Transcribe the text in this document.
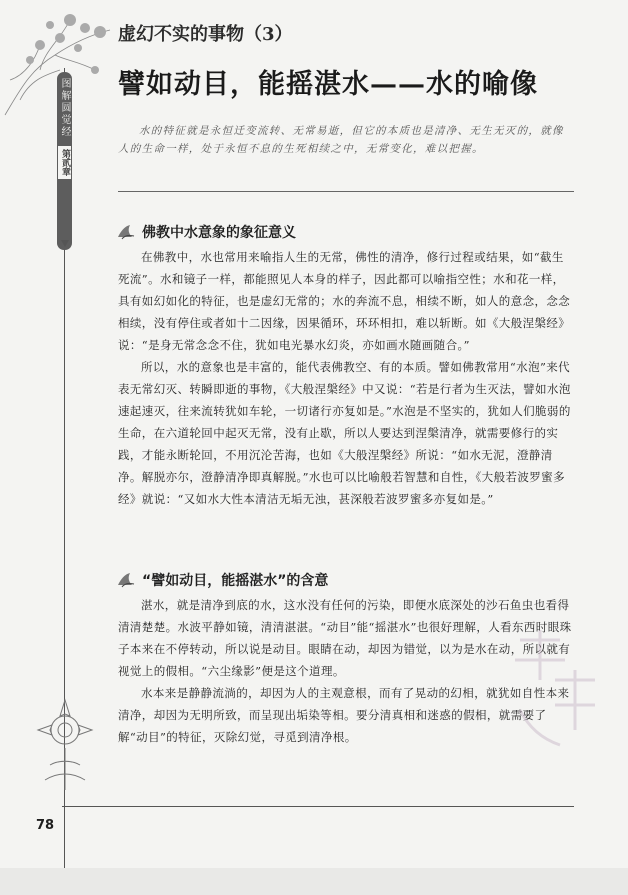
图解圆觉经
第贰章
虚幻不实的事物（3）
譬如动目，能摇湛水——水的喻像
水的特征就是永恒迁变流转、无常易逝，但它的本质也是清净、无生无灭的，就像人的生命一样，处于永恒不息的生死相续之中，无常变化，难以把握。
佛教中水意象的象征意义

在佛教中，水也常用来喻指人生的无常，佛性的清净，修行过程或结果，如“截生死流”。水和镜子一样，都能照见人本身的样子，因此都可以喻指空性；水和花一样，具有如幻如化的特征，也是虚幻无常的；水的奔流不息，相续不断，如人的意念，念念相续，没有停住或者如十二因缘，因果循环，环环相扣，难以斩断。如《大般涅槃经》说：“是身无常念念不住，犹如电光暴水幻炎，亦如画水随画随合。”

所以，水的意象也是丰富的，能代表佛教空、有的本质。譬如佛教常用“水泡”来代表无常幻灭、转瞬即逝的事物，《大般涅槃经》中又说：“若是行者为生灭法，譬如水泡速起速灭，往来流转犹如车轮，一切诸行亦复如是。”水泡是不坚实的，犹如人们脆弱的生命，在六道轮回中起灭无常，没有止歇，所以人要达到涅槃清净，就需要修行的实践，才能永断轮回，不用沉沦苦海，也如《大般涅槃经》所说：“如水无泥，澄静清净。解脱亦尔，澄静清净即真解脱。”水也可以比喻般若智慧和自性，《大般若波罗蜜多经》就说：“又如水大性本清洁无垢无浊，甚深般若波罗蜜多亦复如是。”

“譬如动目，能摇湛水”的含意

湛水，就是清净到底的水，这水没有任何的污染，即便水底深处的沙石鱼虫也看得清清楚楚。水波平静如镜，清清湛湛。“动目”能“摇湛水”也很好理解，人看东西时眼珠子本来在不停转动，所以说是动目。眼睛在动，却因为错觉，以为是水在动，所以就有视觉上的假相。“六尘缘影”便是这个道理。

水本来是静静流淌的，却因为人的主观意根，而有了晃动的幻相，就犹如自性本来清净，却因为无明所致，而呈现出垢染等相。要分清真相和迷惑的假相，就需要了解“动目”的特征，灭除幻觉，寻觅到清净根。

78
